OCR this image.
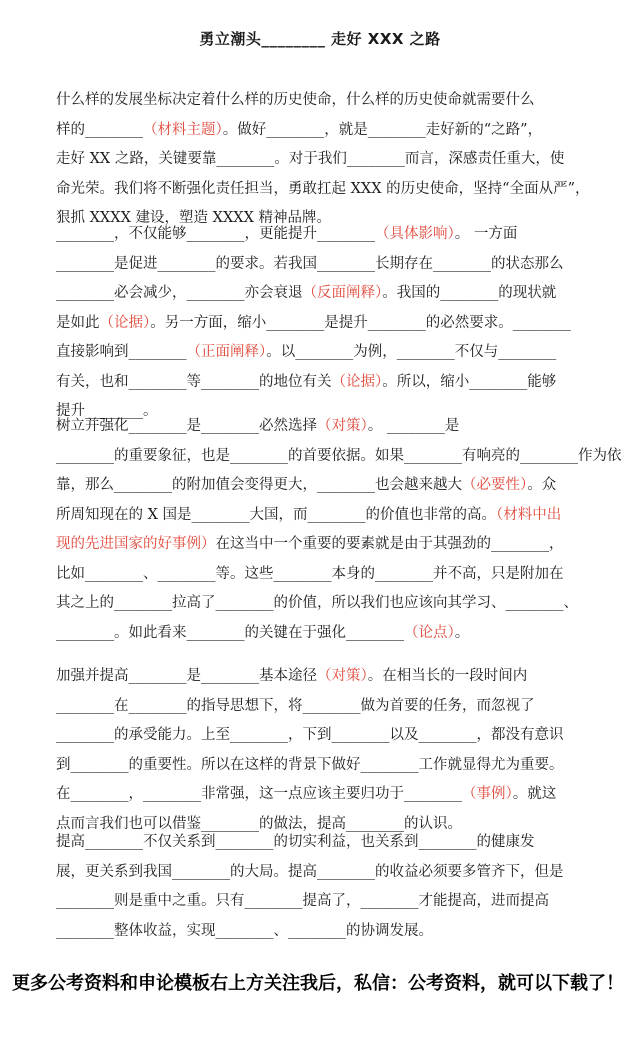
勇立潮头________ 走好 XXX 之路
什么样的发展坐标决定着什么样的历史使命，什么样的历史使命就需要什么
样的________（材料主题）。做好________，就是________走好新的“之路”，
走好 XX 之路，关键要靠________。对于我们________而言，深感责任重大，使
命光荣。我们将不断强化责任担当，勇敢扛起 XXX 的历史使命，坚持“全面从严”，
狠抓 XXXX 建设，塑造 XXXX 精神品牌。
________，不仅能够________，更能提升________（具体影响）。 一方面
________是促进________的要求。若我国________长期存在________的状态那么
________必会减少，________亦会衰退（反面阐释）。我国的________的现状就
是如此（论据）。另一方面，缩小________是提升________的必然要求。________
直接影响到________（正面阐释）。以________为例，________不仅与________
有关，也和________等________的地位有关（论据）。所以，缩小________能够
提升________。
树立并强化________是________必然选择（对策）。 ________是
________的重要象征，也是________的首要依据。如果________有响亮的________作为依
靠，那么________的附加值会变得更大，________也会越来越大（必要性）。众
所周知现在的 X 国是________大国，而________的价值也非常的高。（材料中出
现的先进国家的好事例）在这当中一个重要的要素就是由于其强劲的________，
比如________、________等。这些________本身的________并不高，只是附加在
其之上的________拉高了________的价值，所以我们也应该向其学习、________、
________。如此看来________的关键在于强化________（论点）。
加强并提高________是________基本途径（对策）。在相当长的一段时间内
________在________的指导思想下，将________做为首要的任务，而忽视了
________的承受能力。上至________，下到________以及________，都没有意识
到________的重要性。所以在这样的背景下做好________工作就显得尤为重要。
在________，________非常强，这一点应该主要归功于________（事例）。就这
点而言我们也可以借鉴________的做法，提高________的认识。
提高________不仅关系到________的切实利益，也关系到________的健康发
展，更关系到我国________的大局。提高________的收益必须要多管齐下，但是
________则是重中之重。只有________提高了，________才能提高，进而提高
________整体收益，实现________、________的协调发展。
更多公考资料和申论模板右上方关注我后，私信：公考资料，就可以下载了！
